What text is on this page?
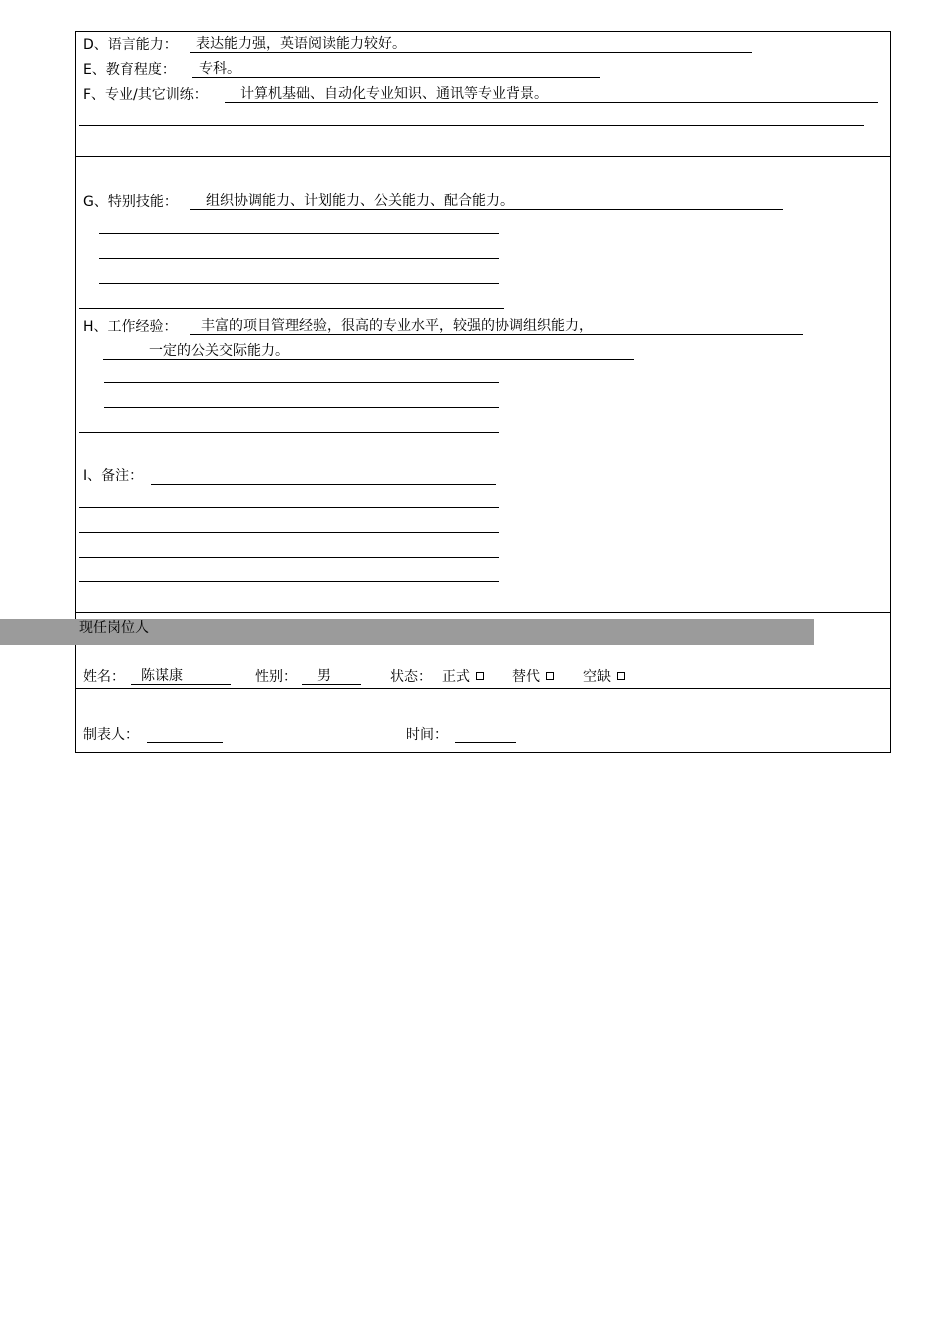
D、语言能力：	表达能力强，英语阅读能力较好。
E、教育程度：	专科。
F、专业/其它训练：	计算机基础、自动化专业知识、通讯等专业背景。
G、特别技能：	组织协调能力、计划能力、公关能力、配合能力。
H、工作经验：	丰富的项目管理经验，很高的专业水平，较强的协调组织能力，
一定的公关交际能力。
I、备注：
现任岗位人
姓名：	陈谋康	性别：	男	状态： 正式	替代	空缺
制表人：	时间：
